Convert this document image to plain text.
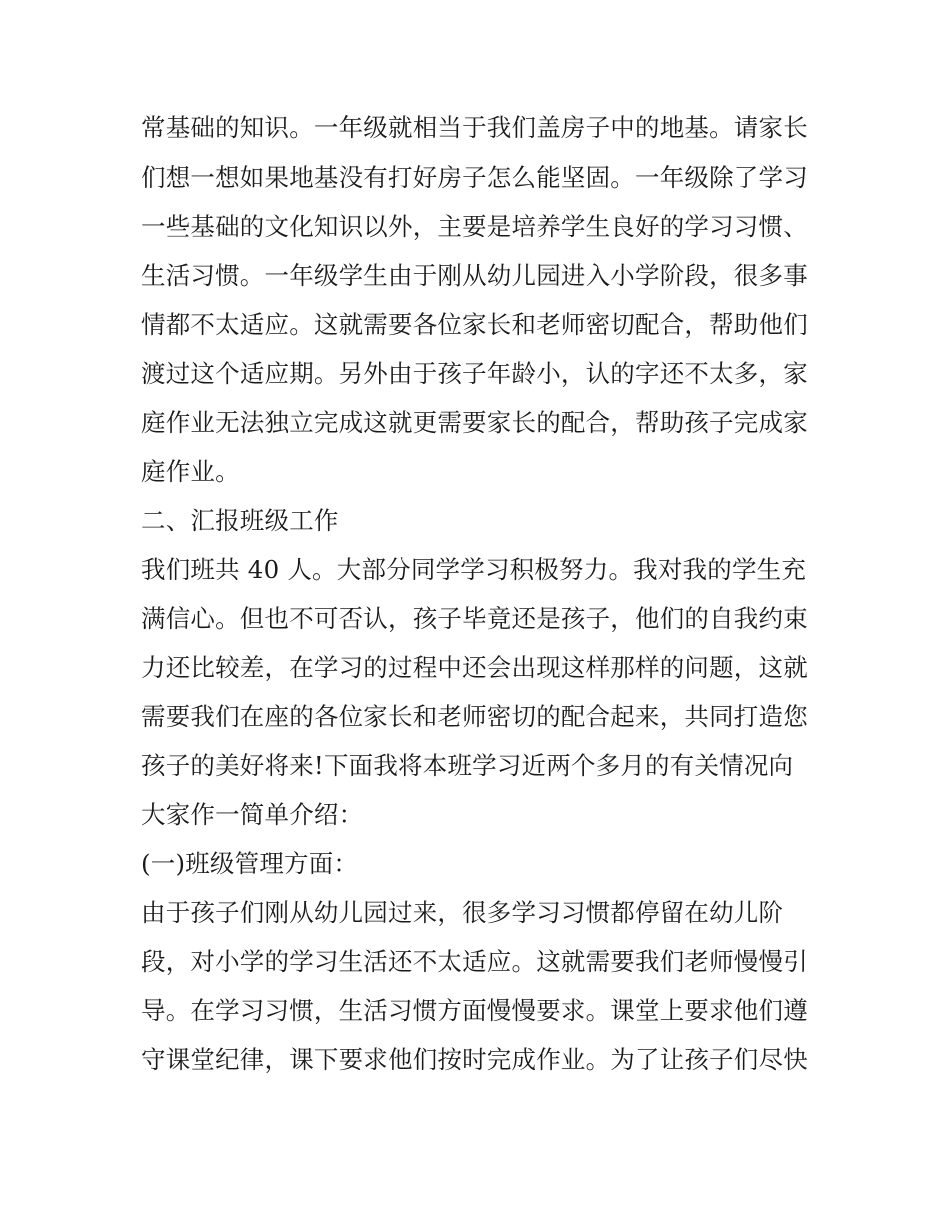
常基础的知识。一年级就相当于我们盖房子中的地基。请家长
们想一想如果地基没有打好房子怎么能坚固。一年级除了学习
一些基础的文化知识以外，主要是培养学生良好的学习习惯、
生活习惯。一年级学生由于刚从幼儿园进入小学阶段，很多事
情都不太适应。这就需要各位家长和老师密切配合，帮助他们
渡过这个适应期。另外由于孩子年龄小，认的字还不太多，家
庭作业无法独立完成这就更需要家长的配合，帮助孩子完成家
庭作业。
二、汇报班级工作
我们班共 40 人。大部分同学学习积极努力。我对我的学生充
满信心。但也不可否认，孩子毕竟还是孩子，他们的自我约束
力还比较差，在学习的过程中还会出现这样那样的问题，这就
需要我们在座的各位家长和老师密切的配合起来，共同打造您
孩子的美好将来!下面我将本班学习近两个多月的有关情况向
大家作一简单介绍：
(一)班级管理方面：
由于孩子们刚从幼儿园过来，很多学习习惯都停留在幼儿阶
段，对小学的学习生活还不太适应。这就需要我们老师慢慢引
导。在学习习惯，生活习惯方面慢慢要求。课堂上要求他们遵
守课堂纪律，课下要求他们按时完成作业。为了让孩子们尽快
